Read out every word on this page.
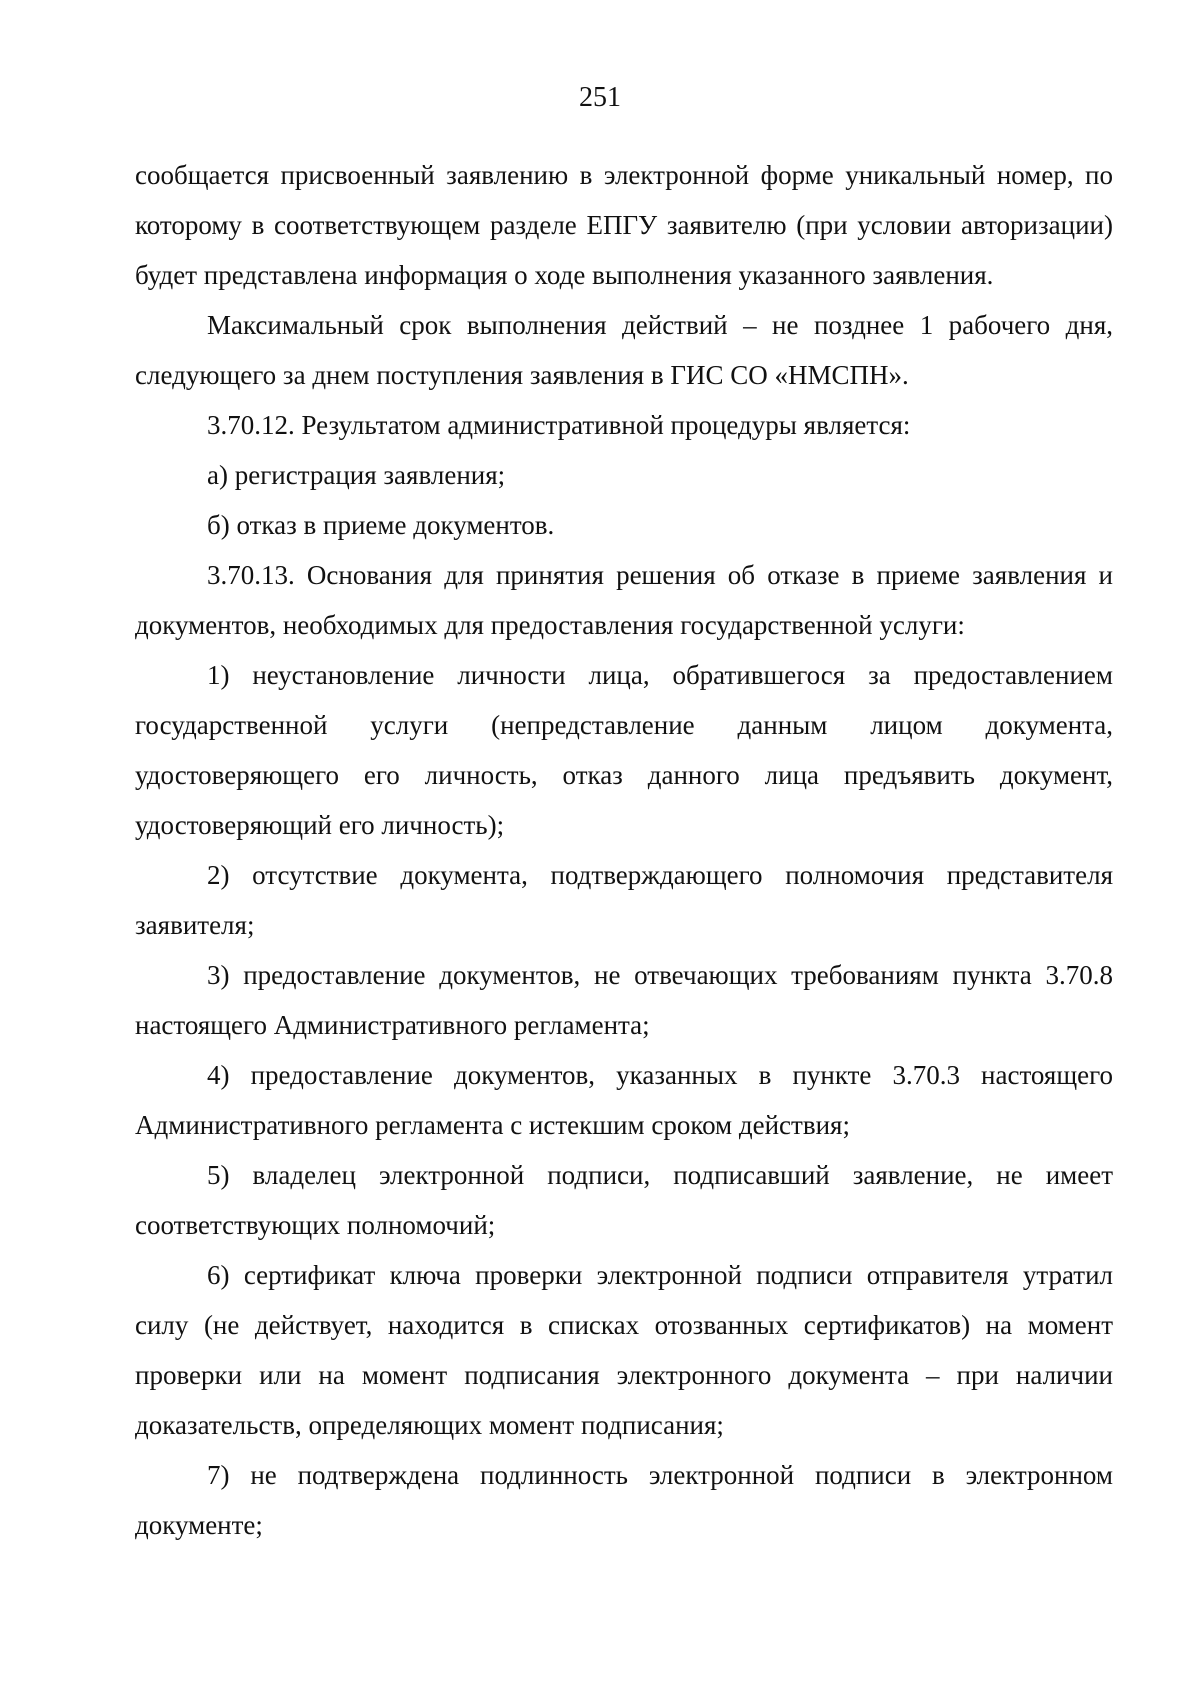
251

сообщается присвоенный заявлению в электронной форме уникальный номер, по которому в соответствующем разделе ЕПГУ заявителю (при условии авторизации) будет представлена информация о ходе выполнения указанного заявления.

Максимальный срок выполнения действий – не позднее 1 рабочего дня, следующего за днем поступления заявления в ГИС СО «НМСПН».

3.70.12. Результатом административной процедуры является:

а) регистрация заявления;

б) отказ в приеме документов.

3.70.13. Основания для принятия решения об отказе в приеме заявления и документов, необходимых для предоставления государственной услуги:

1) неустановление личности лица, обратившегося за предоставлением государственной услуги (непредставление данным лицом документа, удостоверяющего его личность, отказ данного лица предъявить документ, удостоверяющий его личность);

2) отсутствие документа, подтверждающего полномочия представителя заявителя;

3) предоставление документов, не отвечающих требованиям пункта 3.70.8 настоящего Административного регламента;

4) предоставление документов, указанных в пункте 3.70.3 настоящего Административного регламента с истекшим сроком действия;

5) владелец электронной подписи, подписавший заявление, не имеет соответствующих полномочий;

6) сертификат ключа проверки электронной подписи отправителя утратил силу (не действует, находится в списках отозванных сертификатов) на момент проверки или на момент подписания электронного документа – при наличии доказательств, определяющих момент подписания;

7) не подтверждена подлинность электронной подписи в электронном документе;
